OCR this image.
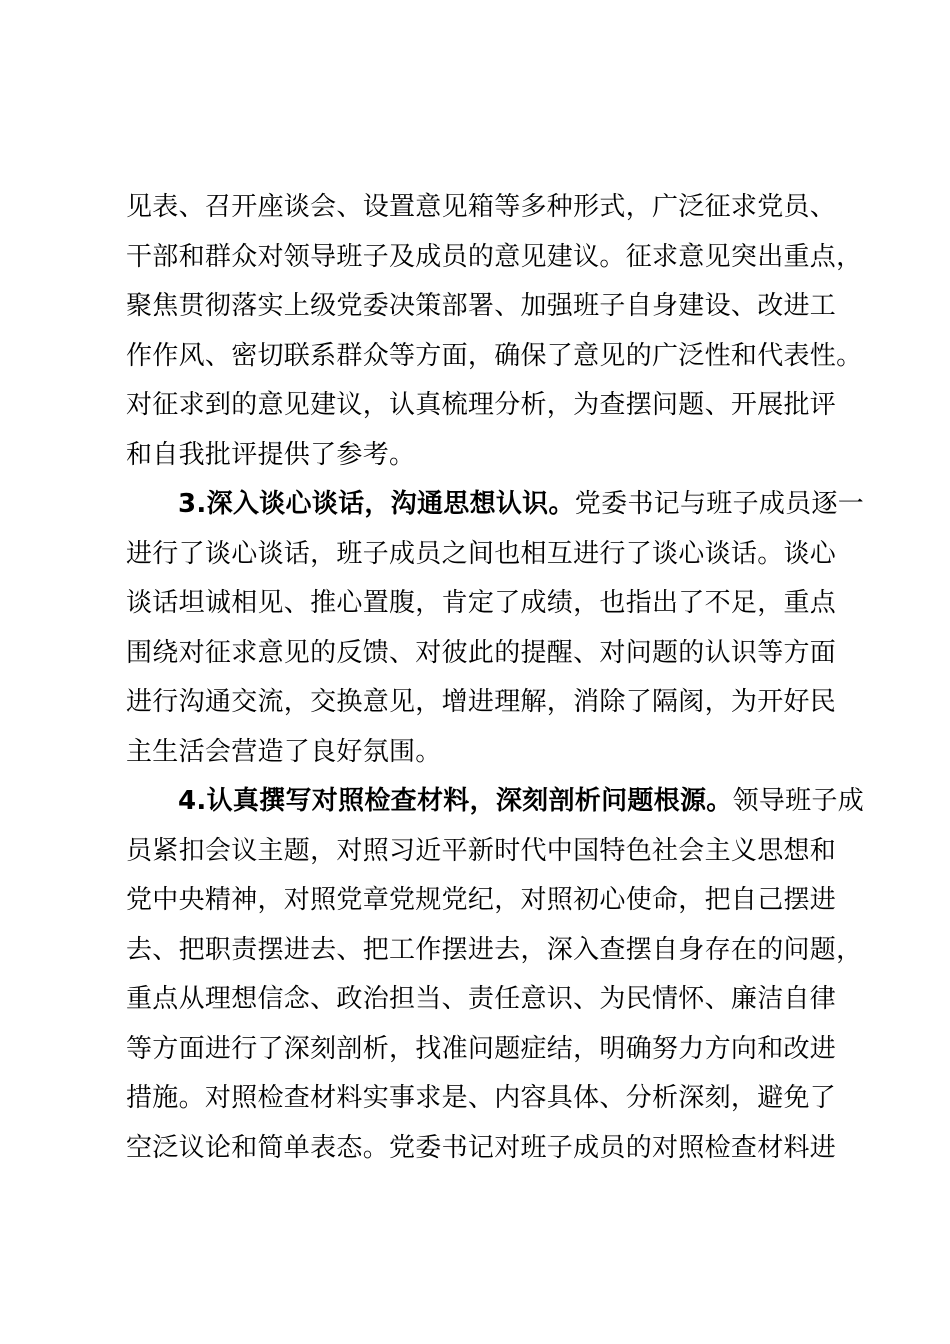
见表、召开座谈会、设置意见箱等多种形式，广泛征求党员、
干部和群众对领导班子及成员的意见建议。征求意见突出重点，
聚焦贯彻落实上级党委决策部署、加强班子自身建设、改进工
作作风、密切联系群众等方面，确保了意见的广泛性和代表性。
对征求到的意见建议，认真梳理分析，为查摆问题、开展批评
和自我批评提供了参考。
3.深入谈心谈话，沟通思想认识。党委书记与班子成员逐一
进行了谈心谈话，班子成员之间也相互进行了谈心谈话。谈心
谈话坦诚相见、推心置腹，肯定了成绩，也指出了不足，重点
围绕对征求意见的反馈、对彼此的提醒、对问题的认识等方面
进行沟通交流，交换意见，增进理解，消除了隔阂，为开好民
主生活会营造了良好氛围。
4.认真撰写对照检查材料，深刻剖析问题根源。领导班子成
员紧扣会议主题，对照习近平新时代中国特色社会主义思想和
党中央精神，对照党章党规党纪，对照初心使命，把自己摆进
去、把职责摆进去、把工作摆进去，深入查摆自身存在的问题，
重点从理想信念、政治担当、责任意识、为民情怀、廉洁自律
等方面进行了深刻剖析，找准问题症结，明确努力方向和改进
措施。对照检查材料实事求是、内容具体、分析深刻，避免了
空泛议论和简单表态。党委书记对班子成员的对照检查材料进
